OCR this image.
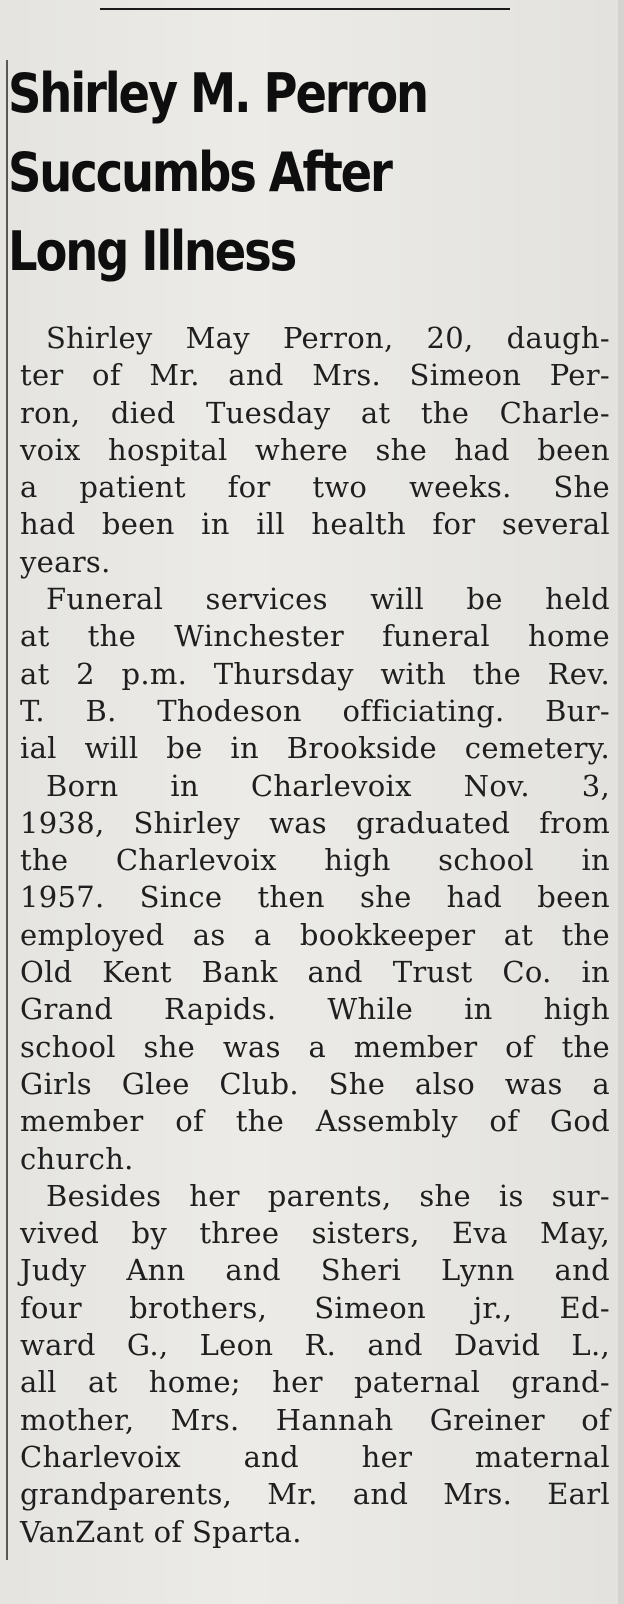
Shirley M. Perron
Succumbs After
Long Illness
Shirley May Perron, 20, daugh-
ter of Mr. and Mrs. Simeon Per-
ron, died Tuesday at the Charle-
voix hospital where she had been
a patient for two weeks. She
had been in ill health for several
years.
Funeral services will be held
at the Winchester funeral home
at 2 p.m. Thursday with the Rev.
T. B. Thodeson officiating. Bur-
ial will be in Brookside cemetery.
Born in Charlevoix Nov. 3,
1938, Shirley was graduated from
the Charlevoix high school in
1957. Since then she had been
employed as a bookkeeper at the
Old Kent Bank and Trust Co. in
Grand Rapids. While in high
school she was a member of the
Girls Glee Club. She also was a
member of the Assembly of God
church.
Besides her parents, she is sur-
vived by three sisters, Eva May,
Judy Ann and Sheri Lynn and
four brothers, Simeon jr., Ed-
ward G., Leon R. and David L.,
all at home; her paternal grand-
mother, Mrs. Hannah Greiner of
Charlevoix and her maternal
grandparents, Mr. and Mrs. Earl
VanZant of Sparta.
